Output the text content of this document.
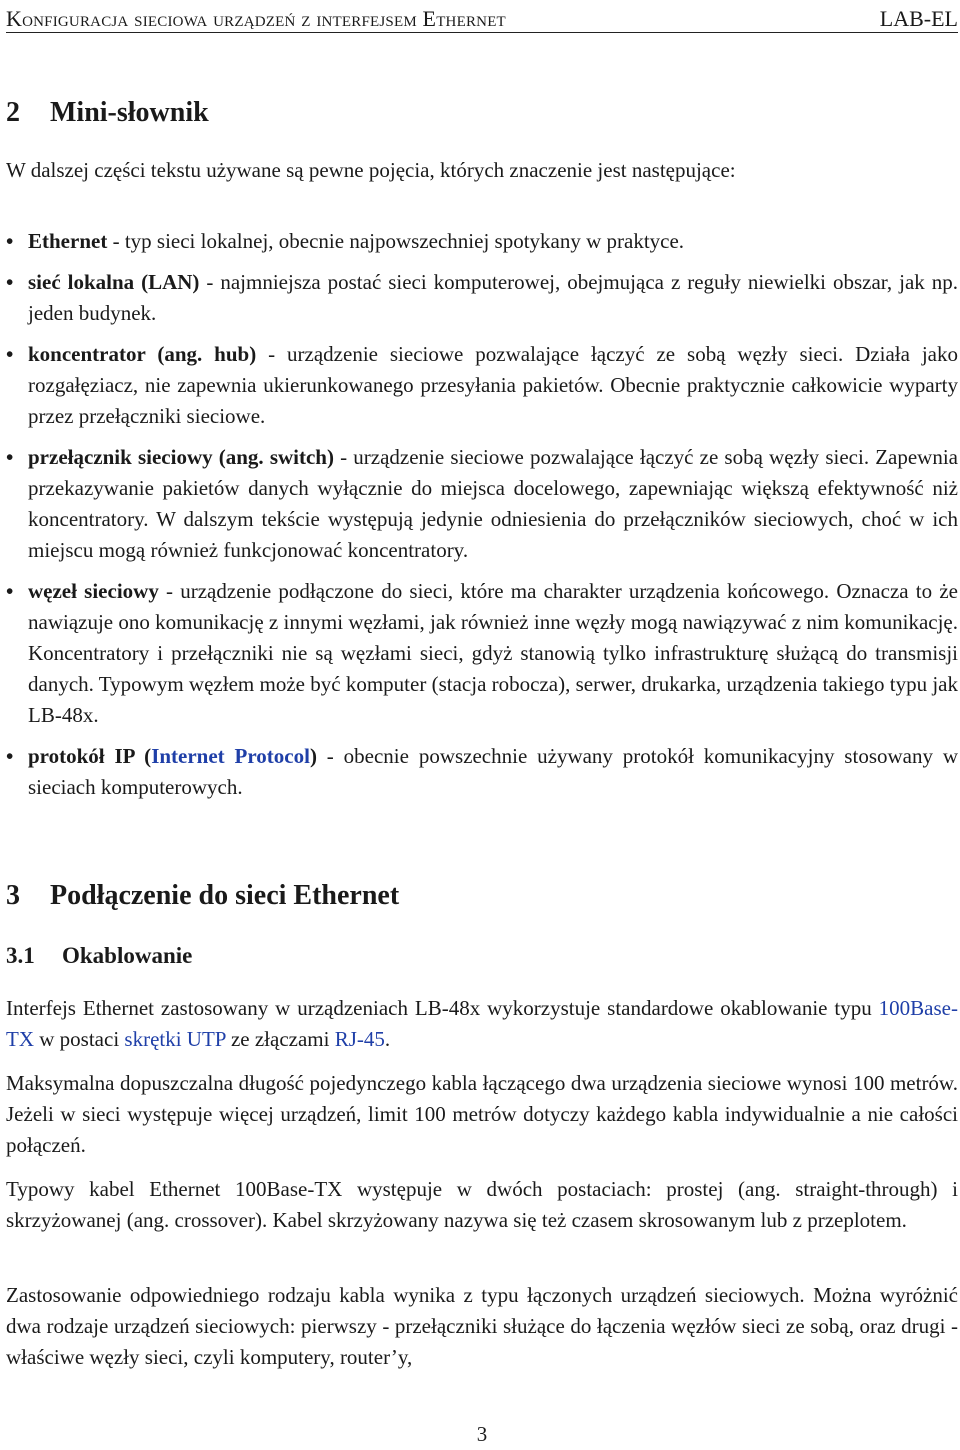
Konfiguracja sieciowa urządzeń z interfejsem Ethernet	LAB-EL
2 Mini-słownik

W dalszej części tekstu używane są pewne pojęcia, których znaczenie jest następujące:

• Ethernet - typ sieci lokalnej, obecnie najpowszechniej spotykany w praktyce.
• sieć lokalna (LAN) - najmniejsza postać sieci komputerowej, obejmująca z reguły niewielki obszar, jak np. jeden budynek.
• koncentrator (ang. hub) - urządzenie sieciowe pozwalające łączyć ze sobą węzły sieci. Działa jako rozgałęziacz, nie zapewnia ukierunkowanego przesyłania pakietów. Obecnie praktycznie całkowicie wyparty przez przełączniki sieciowe.
• przełącznik sieciowy (ang. switch) - urządzenie sieciowe pozwalające łączyć ze sobą węzły sieci. Zapewnia przekazywanie pakietów danych wyłącznie do miejsca docelowego, zapewniając większą efektywność niż koncentratory. W dalszym tekście występują jedynie odniesienia do przełączników sieciowych, choć w ich miejscu mogą również funkcjonować koncentratory.
• węzeł sieciowy - urządzenie podłączone do sieci, które ma charakter urządzenia końcowego. Oznacza to że nawiązuje ono komunikację z innymi węzłami, jak również inne węzły mogą nawiązywać z nim komunikację. Koncentratory i przełączniki nie są węzłami sieci, gdyż stanowią tylko infrastrukturę służącą do transmisji danych. Typowym węzłem może być komputer (stacja robocza), serwer, drukarka, urządzenia takiego typu jak LB-48x.
• protokół IP (Internet Protocol) - obecnie powszechnie używany protokół komunikacyjny stosowany w sieciach komputerowych.
3 Podłączenie do sieci Ethernet
3.1 Okablowanie

Interfejs Ethernet zastosowany w urządzeniach LB-48x wykorzystuje standardowe okablowanie typu 100Base-TX w postaci skrętki UTP ze złączami RJ-45.

Maksymalna dopuszczalna długość pojedynczego kabla łączącego dwa urządzenia sieciowe wynosi 100 metrów. Jeżeli w sieci występuje więcej urządzeń, limit 100 metrów dotyczy każdego kabla indywidualnie a nie całości połączeń.

Typowy kabel Ethernet 100Base-TX występuje w dwóch postaciach: prostej (ang. straight-through) i skrzyżowanej (ang. crossover). Kabel skrzyżowany nazywa się też czasem skrosowanym lub z przeplotem.

Zastosowanie odpowiedniego rodzaju kabla wynika z typu łączonych urządzeń sieciowych. Można wyróżnić dwa rodzaje urządzeń sieciowych: pierwszy - przełączniki służące do łączenia węzłów sieci ze sobą, oraz drugi - właściwe węzły sieci, czyli komputery, router’y,

3
